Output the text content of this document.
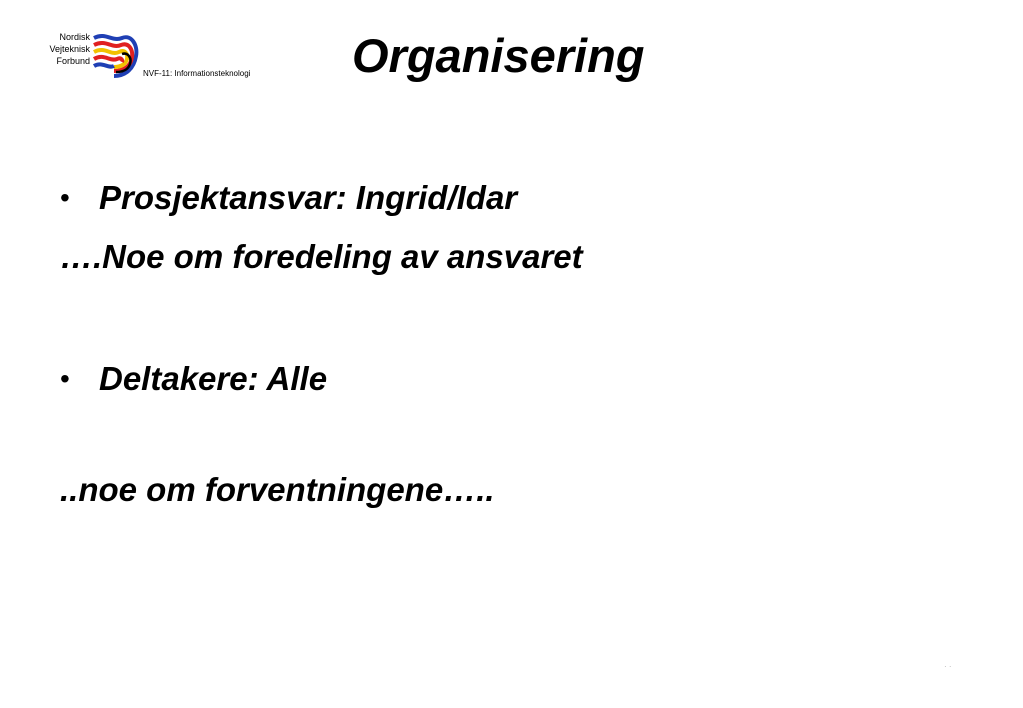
Nordisk
Vejteknisk
Forbund
NVF-11: Informationsteknologi Organisering
• Prosjektansvar: Ingrid/Idar
….Noe om foredeling av ansvaret
• Deltakere: Alle
..noe om forventningene…..
· ·
